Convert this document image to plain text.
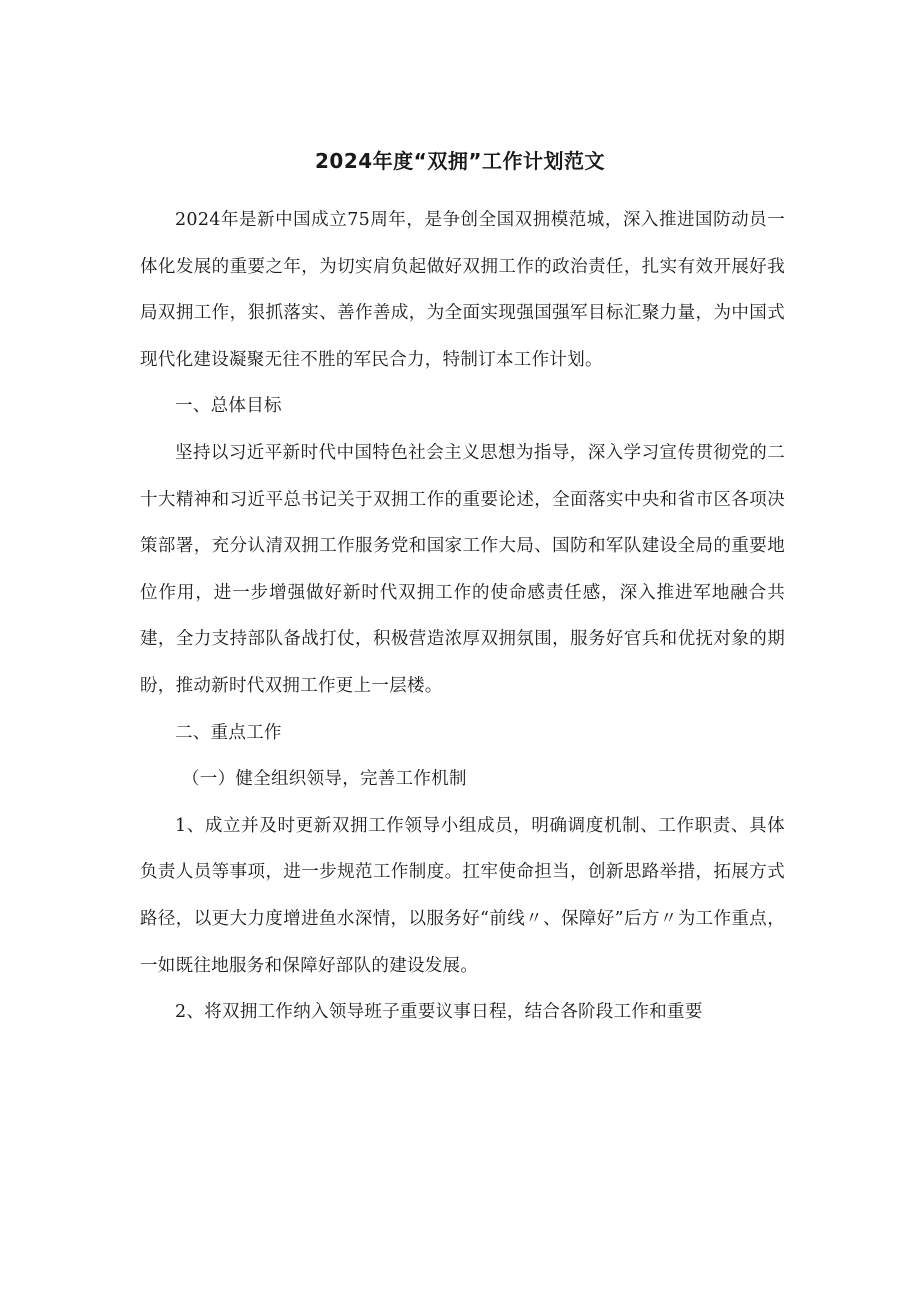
2024年度“双拥”工作计划范文

2024年是新中国成立75周年，是争创全国双拥模范城，深入推进国防动员一体化发展的重要之年，为切实肩负起做好双拥工作的政治责任，扎实有效开展好我局双拥工作，狠抓落实、善作善成，为全面实现强国强军目标汇聚力量，为中国式现代化建设凝聚无往不胜的军民合力，特制订本工作计划。

一、总体目标

坚持以习近平新时代中国特色社会主义思想为指导，深入学习宣传贯彻党的二十大精神和习近平总书记关于双拥工作的重要论述，全面落实中央和省市区各项决策部署，充分认清双拥工作服务党和国家工作大局、国防和军队建设全局的重要地位作用，进一步增强做好新时代双拥工作的使命感责任感，深入推进军地融合共建，全力支持部队备战打仗，积极营造浓厚双拥氛围，服务好官兵和优抚对象的期盼，推动新时代双拥工作更上一层楼。

二、重点工作

（一）健全组织领导，完善工作机制

1、成立并及时更新双拥工作领导小组成员，明确调度机制、工作职责、具体负责人员等事项，进一步规范工作制度。扛牢使命担当，创新思路举措，拓展方式路径，以更大力度增进鱼水深情，以服务好“前线〃、保障好”后方〃为工作重点，一如既往地服务和保障好部队的建设发展。

2、将双拥工作纳入领导班子重要议事日程，结合各阶段工作和重要
